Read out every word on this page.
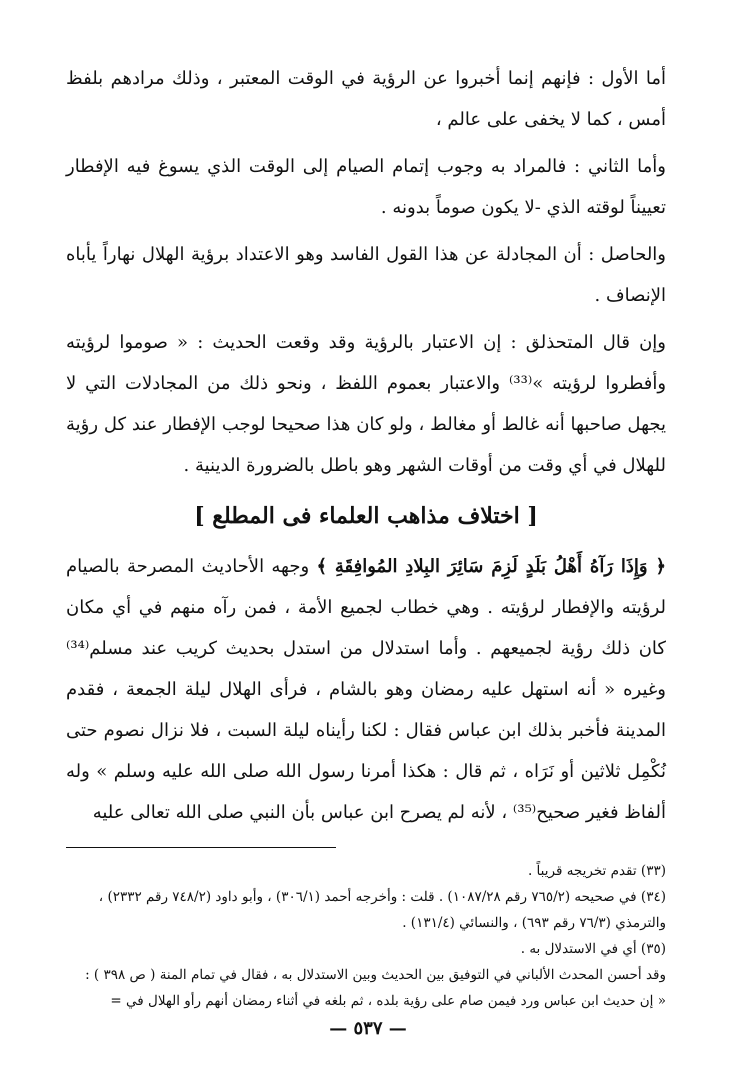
أما الأول : فإنهم إنما أخبروا عن الرؤية في الوقت المعتبر ، وذلك مرادهم بلفظ أمس ، كما لا يخفى على عالم ،

وأما الثاني : فالمراد به وجوب إتمام الصيام إلى الوقت الذي يسوغ فيه الإفطار تعييناً لوقته الذي -لا يكون صوماً بدونه .

والحاصل : أن المجادلة عن هذا القول الفاسد وهو الاعتداد برؤية الهلال نهاراً يأباه الإنصاف .

وإن قال المتحذلق : إن الاعتبار بالرؤية وقد وقعت الحديث : « صوموا لرؤيته وأفطروا لرؤيته »⁽³³⁾ والاعتبار بعموم اللفظ ، ونحو ذلك من المجادلات التي لا يجهل صاحبها أنه غالط أو مغالط ، ولو كان هذا صحيحا لوجب الإفطار عند كل رؤية للهلال في أي وقت من أوقات الشهر وهو باطل بالضرورة الدينية .

[ اختلاف مذاهب العلماء فى المطلع ]

﴿ وَإِذَا رَآهُ أَهْلُ بَلَدٍ لَزِمَ سَائِرَ البِلادِ المُوافِقَةِ ﴾ وجهه الأحاديث المصرحة بالصيام لرؤيته والإفطار لرؤيته . وهي خطاب لجميع الأمة ، فمن رآه منهم في أي مكان كان ذلك رؤية لجميعهم . وأما استدلال من استدل بحديث كريب عند مسلم⁽³⁴⁾ وغيره « أنه استهل عليه رمضان وهو بالشام ، فرأى الهلال ليلة الجمعة ، فقدم المدينة فأخبر بذلك ابن عباس فقال : لكنا رأيناه ليلة السبت ، فلا نزال نصوم حتى نُكْمِل ثلاثين أو نَرَاه ، ثم قال : هكذا أمرنا رسول الله صلى الله عليه وسلم » وله ألفاظ فغير صحيح⁽³⁵⁾ ، لأنه لم يصرح ابن عباس بأن النبي صلى الله تعالى عليه

(٣٣) تقدم تخريجه قريباً .

(٣٤) في صحيحه (٧٦٥/٢ رقم ١٠٨٧/٢٨) . قلت : وأخرجه أحمد (٣٠٦/١) ، وأبو داود (٧٤٨/٢ رقم ٢٣٣٢) ، والترمذي (٧٦/٣ رقم ٦٩٣) ، والنسائي (١٣١/٤) .

(٣٥) أي في الاستدلال به .

وقد أحسن المحدث الألباني في التوفيق بين الحديث وبين الاستدلال به ، فقال في تمام المنة ( ص ٣٩٨ ) :

« إن حديث ابن عباس ورد فيمن صام على رؤية بلده ، ثم بلغه في أثناء رمضان أنهم رأو الهلال في =

— ٥٣٧ —
